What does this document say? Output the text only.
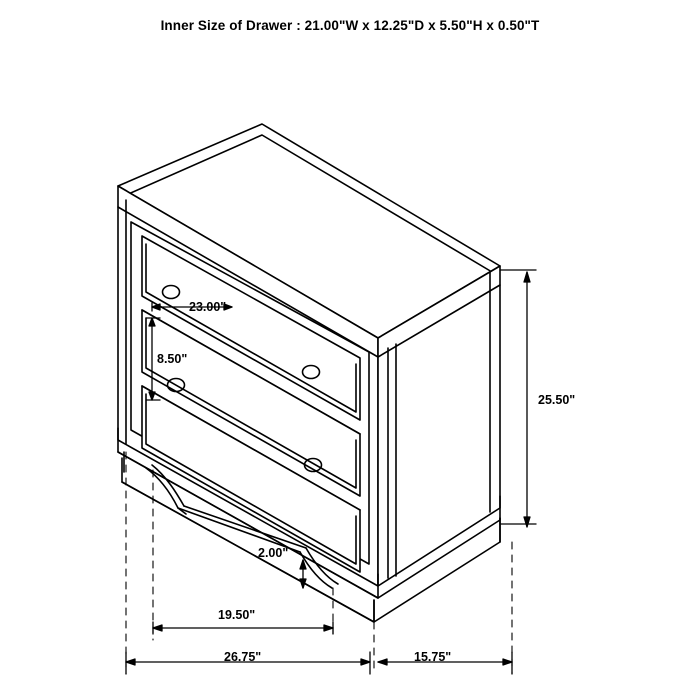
Inner Size of Drawer : 21.00"W x 12.25"D x 5.50"H x 0.50"T
23.00"
8.50"
25.50"
2.00"
19.50"
26.75"	15.75"
